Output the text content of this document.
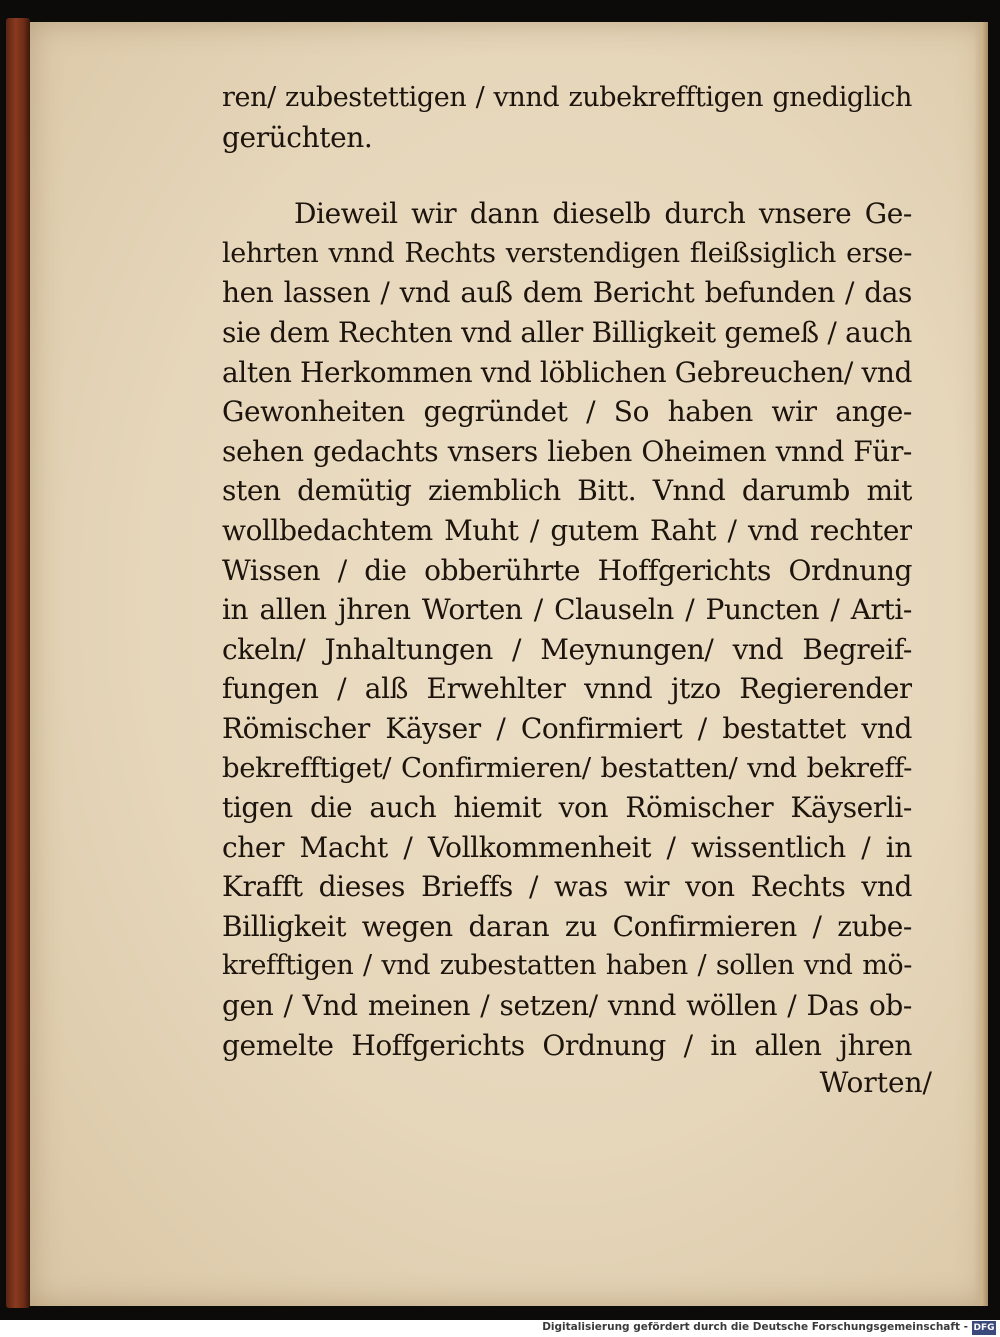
ren/ zubestettigen / vnnd zubekrefftigen gnediglich
gerüchten.
Dieweil wir dann dieselb durch vnsere Ge-
lehrten vnnd Rechts verstendigen fleißsiglich erse-
hen lassen / vnd auß dem Bericht befunden / das
sie dem Rechten vnd aller Billigkeit gemeß / auch
alten Herkommen vnd löblichen Gebreuchen/ vnd
Gewonheiten gegründet / So haben wir ange-
sehen gedachts vnsers lieben Oheimen vnnd Für-
sten demütig ziemblich Bitt. Vnnd darumb mit
wollbedachtem Muht / gutem Raht / vnd rechter
Wissen / die obberührte Hoffgerichts Ordnung
in allen jhren Worten / Clauseln / Puncten / Arti-
ckeln/ Jnhaltungen / Meynungen/ vnd Begreif-
fungen / alß Erwehlter vnnd jtzo Regierender
Römischer Käyser / Confirmiert / bestattet vnd
bekrefftiget/ Confirmieren/ bestatten/ vnd bekreff-
tigen die auch hiemit von Römischer Käyserli-
cher Macht / Vollkommenheit / wissentlich / in
Krafft dieses Brieffs / was wir von Rechts vnd
Billigkeit wegen daran zu Confirmieren / zube-
krefftigen / vnd zubestatten haben / sollen vnd mö-
gen / Vnd meinen / setzen/ vnnd wöllen / Das ob-
gemelte Hoffgerichts Ordnung / in allen jhren
Worten/
Digitalisierung gefördert durch die Deutsche Forschungsgemeinschaft - DFG
